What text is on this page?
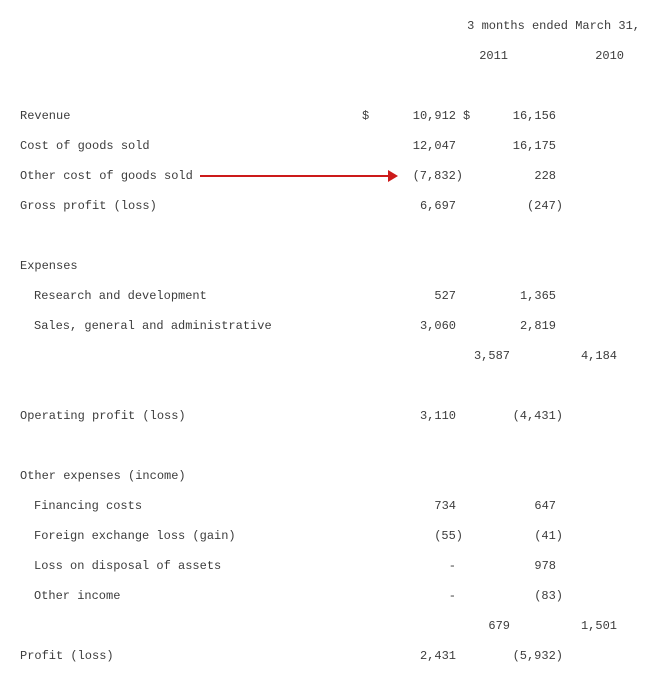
3 months ended March 31,
2011	2010
Revenue	$	10,912 $	16,156
Cost of goods sold	12,047	16,175
Other cost of goods sold	(7,832)	228
Gross profit (loss)	6,697	(247)
Expenses
Research and development	527	1,365
Sales, general and administrative	3,060	2,819
3,587	4,184
Operating profit (loss)	3,110	(4,431)
Other expenses (income)
Financing costs	734	647
Foreign exchange loss (gain)	(55)	(41)
Loss on disposal of assets	-	978
Other income	-	(83)
679	1,501
Profit (loss)	2,431	(5,932)
